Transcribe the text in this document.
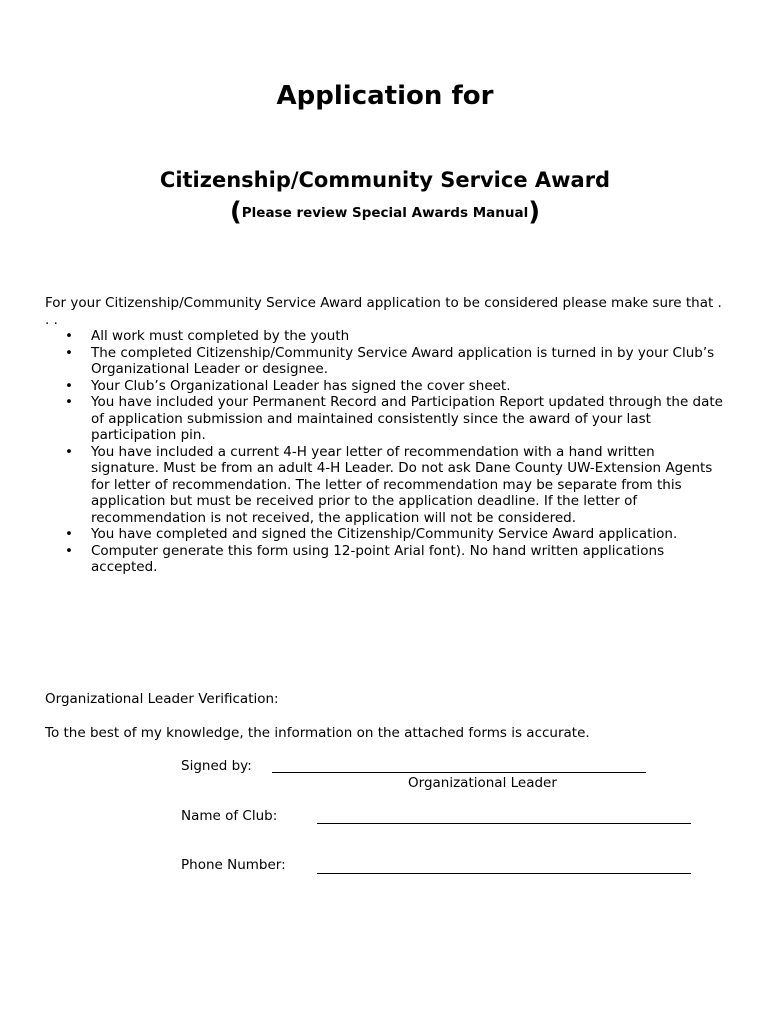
Application for
Citizenship/Community Service Award
(Please review Special Awards Manual)
For your Citizenship/Community Service Award application to be considered please make sure that . . .
• All work must completed by the youth
• The completed Citizenship/Community Service Award application is turned in by your Club’s Organizational Leader or designee.
• Your Club’s Organizational Leader has signed the cover sheet.
• You have included your Permanent Record and Participation Report updated through the date of application submission and maintained consistently since the award of your last participation pin.
• You have included a current 4-H year letter of recommendation with a hand written signature. Must be from an adult 4-H Leader. Do not ask Dane County UW-Extension Agents for letter of recommendation. The letter of recommendation may be separate from this application but must be received prior to the application deadline. If the letter of recommendation is not received, the application will not be considered.
• You have completed and signed the Citizenship/Community Service Award application.
• Computer generate this form using 12-point Arial font). No hand written applications accepted.
Organizational Leader Verification:
To the best of my knowledge, the information on the attached forms is accurate.
Signed by:
Organizational Leader
Name of Club:
Phone Number:
